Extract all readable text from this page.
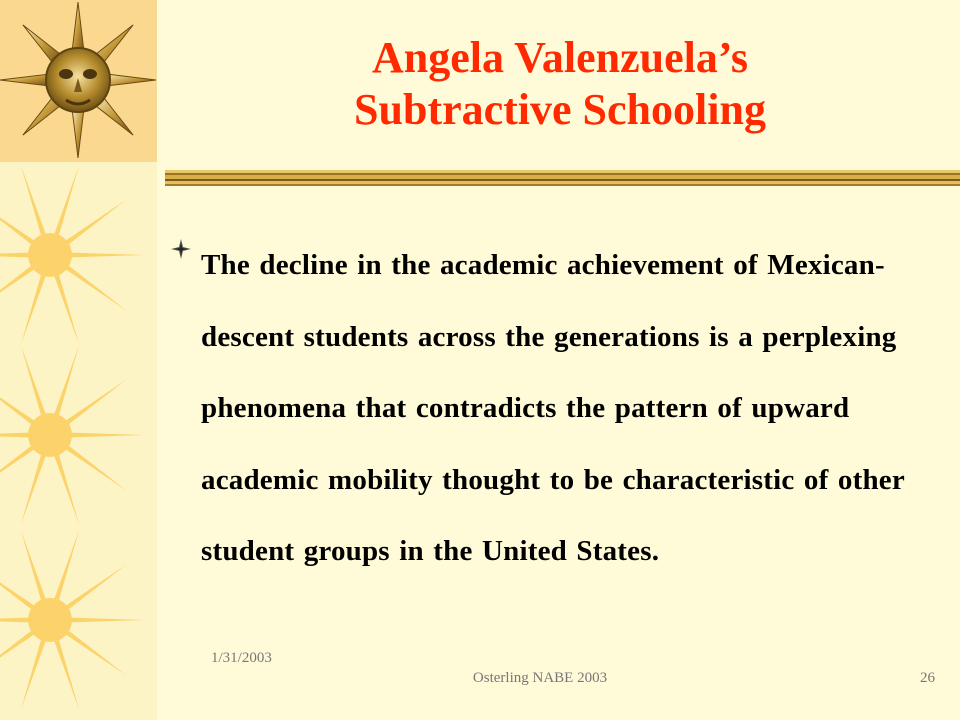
Angela Valenzuela’s
Subtractive Schooling
The decline in the academic achievement of Mexican-descent students across the generations is a perplexing phenomena that contradicts the pattern of upward academic mobility thought to be characteristic of other student groups in the United States.
1/31/2003
Osterling NABE 2003	26
